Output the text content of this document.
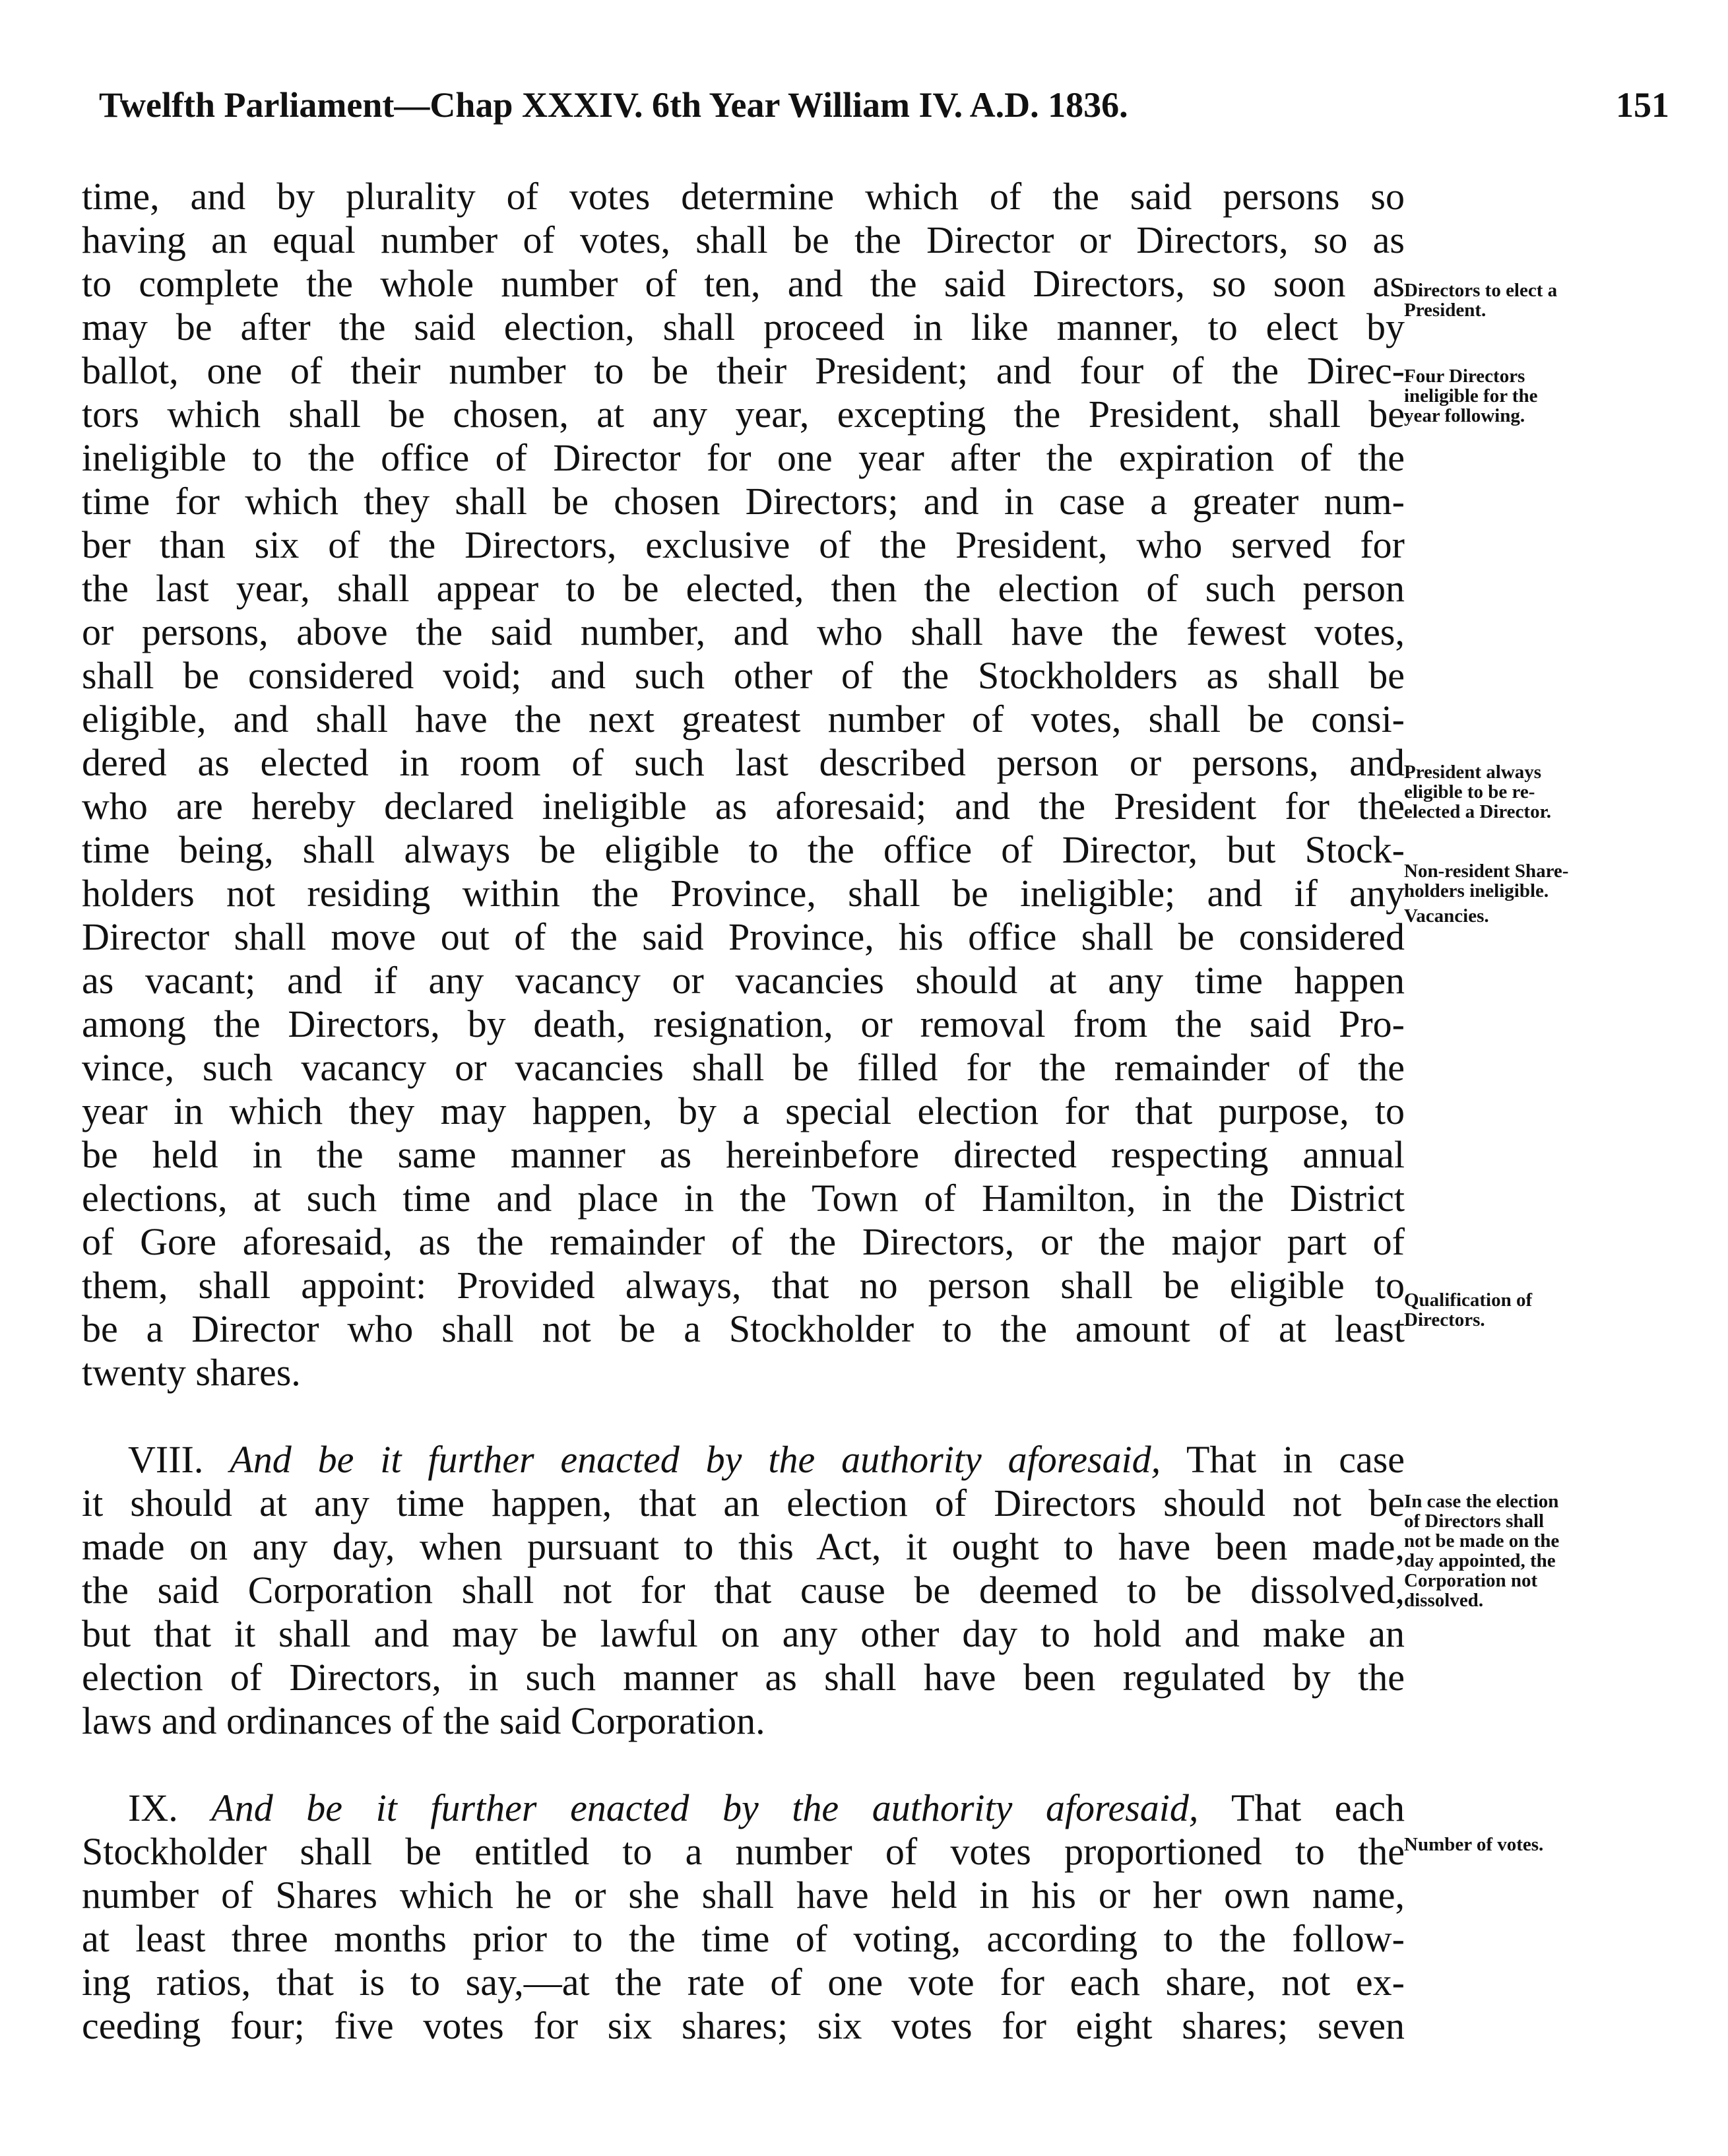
Twelfth Parliament—Chap XXXIV. 6th Year William IV. A.D. 1836.	151
time, and by plurality of votes determine which of the said persons so
having an equal number of votes, shall be the Director or Directors, so as
to complete the whole number of ten, and the said Directors, so soon as
may be after the said election, shall proceed in like manner, to elect by
ballot, one of their number to be their President; and four of the Direc-
tors which shall be chosen, at any year, excepting the President, shall be
ineligible to the office of Director for one year after the expiration of the
time for which they shall be chosen Directors; and in case a greater num-
ber than six of the Directors, exclusive of the President, who served for
the last year, shall appear to be elected, then the election of such person
or persons, above the said number, and who shall have the fewest votes,
shall be considered void; and such other of the Stockholders as shall be
eligible, and shall have the next greatest number of votes, shall be consi-
dered as elected in room of such last described person or persons, and
who are hereby declared ineligible as aforesaid; and the President for the
time being, shall always be eligible to the office of Director, but Stock-
holders not residing within the Province, shall be ineligible; and if any
Director shall move out of the said Province, his office shall be considered
as vacant; and if any vacancy or vacancies should at any time happen
among the Directors, by death, resignation, or removal from the said Pro-
vince, such vacancy or vacancies shall be filled for the remainder of the
year in which they may happen, by a special election for that purpose, to
be held in the same manner as hereinbefore directed respecting annual
elections, at such time and place in the Town of Hamilton, in the District
of Gore aforesaid, as the remainder of the Directors, or the major part of
them, shall appoint: Provided always, that no person shall be eligible to
be a Director who shall not be a Stockholder to the amount of at least
twenty shares.
VIII. And be it further enacted by the authority aforesaid, That in case
it should at any time happen, that an election of Directors should not be
made on any day, when pursuant to this Act, it ought to have been made,
the said Corporation shall not for that cause be deemed to be dissolved,
but that it shall and may be lawful on any other day to hold and make an
election of Directors, in such manner as shall have been regulated by the
laws and ordinances of the said Corporation.
IX. And be it further enacted by the authority aforesaid, That each
Stockholder shall be entitled to a number of votes proportioned to the
number of Shares which he or she shall have held in his or her own name,
at least three months prior to the time of voting, according to the follow-
ing ratios, that is to say,—at the rate of one vote for each share, not ex-
ceeding four; five votes for six shares; six votes for eight shares; seven
Directors to elect a
President.
Four Directors
ineligible for the
year following.
President always
eligible to be re-
elected a Director.
Non-resident Share-
holders ineligible.
Vacancies.
Qualification of
Directors.
In case the election
of Directors shall
not be made on the
day appointed, the
Corporation not
dissolved.
Number of votes.
